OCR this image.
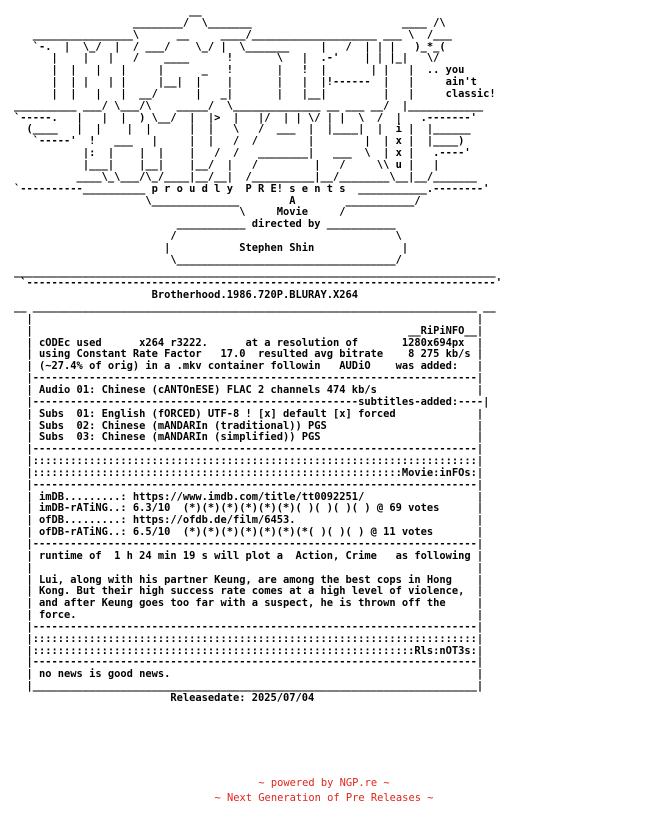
__
________/  \_______                        ____ /\
________________\      __     ____/____________________ ___ \  /___
`-.  |  \_/  |  / ___/    \_/ |  \_______     |   /  | | |   )_*_(
|    |   |   /    ____      !       \   |  .-'    | | |_|   \/
|  |   |   |     |      _   !       |   !  |       | |   |  .. you
|  | |   | |     |__|  |    |       |   |  |!------  |   |     ain't
|  |   |   |  __/      |   _|       |   |__|         |   |     classic!
__________ ___/ \___/\    _____/  \______________ __ ___ __/  |____________
`-----.   |   |  |  ) \__/  |  |>  |   |/  | | \/ | |  \  /  |   .-------'
(____   |  |    |  |      |  |   \   /  ___  |  |____|  |  i |  |______
`-----'  !   ___   |     |  |   /  /        |        |  | x |  |____)
|:  |    |  |    |   /  /   ________|   ___  \  | x |   .----'
|___|    |__|    |__/  |   /         |   /     \\ u |   |
____\_\___/\_/____|__/__|  /__________|__/________\__|__/_______
`----------__________ p r o u d l y  P R E! s e n t s  ___________.--------'
\______________        A        ___________/
\     Movie     /
___________ directed by ___________
/                                   \
|           Stephen Shin              |
\___________________________________/
_____________________________________________________________________________
`---------------------------------------------------------------------------'
Brotherhood.1986.720P.BLURAY.X264
__ _______________________________________________________________________ __
|                                                                       |
|                                                            __RiPiNFO__|
| cODEc used      x264 r3222.      at a resolution of       1280x694px  |
| using Constant Rate Factor   17.0  resulted avg bitrate    8 275 kb/s |
| (~27.4% of orig) in a .mkv container followin   AUDiO    was added:   |
|-----------------------------------------------------------------------|
| Audio 01: Chinese (cANTOnESE) FLAC 2 channels 474 kb/s                |
|----------------------------------------------------subtitles-added:----|
| Subs  01: English (fORCED) UTF-8 ! [x] default [x] forced             |
| Subs  02: Chinese (mANDARIn (traditional)) PGS                        |
| Subs  03: Chinese (mANDARIn (simplified)) PGS                         |
|-----------------------------------------------------------------------|
|:::::::::::::::::::::::::::::::::::::::::::::::::::::::::::::::::::::::|
|:::::::::::::::::::::::::::::::::::::::::::::::::::::::::::Movie:inFOs:|
|-----------------------------------------------------------------------|
| imDB.........: https://www.imdb.com/title/tt0092251/                  |
| imDB-rATiNG..: 6.3/10  (*)(*)(*)(*)(*)(*)( )( )( )( ) @ 69 votes      |
| ofDB.........: https://ofdb.de/film/6453.                             |
| ofDB-rATiNG..: 6.5/10  (*)(*)(*)(*)(*)(*)(*( )( )( ) @ 11 votes       |
|-----------------------------------------------------------------------|
| runtime of  1 h 24 min 19 s will plot a  Action, Crime   as following |
|                                                                       |
| Lui, along with his partner Keung, are among the best cops in Hong    |
| Kong. But their high success rate comes at a high level of violence,  |
| and after Keung goes too far with a suspect, he is thrown off the     |
| force.                                                                |
|-----------------------------------------------------------------------|
|:::::::::::::::::::::::::::::::::::::::::::::::::::::::::::::::::::::::|
|:::::::::::::::::::::::::::::::::::::::::::::::::::::::::::::Rls:nOT3s:|
|-----------------------------------------------------------------------|
| no news is good news.                                                 |
|_______________________________________________________________________|
Releasedate: 2025/07/04
~ powered by NGP.re ~
~ Next Generation of Pre Releases ~
